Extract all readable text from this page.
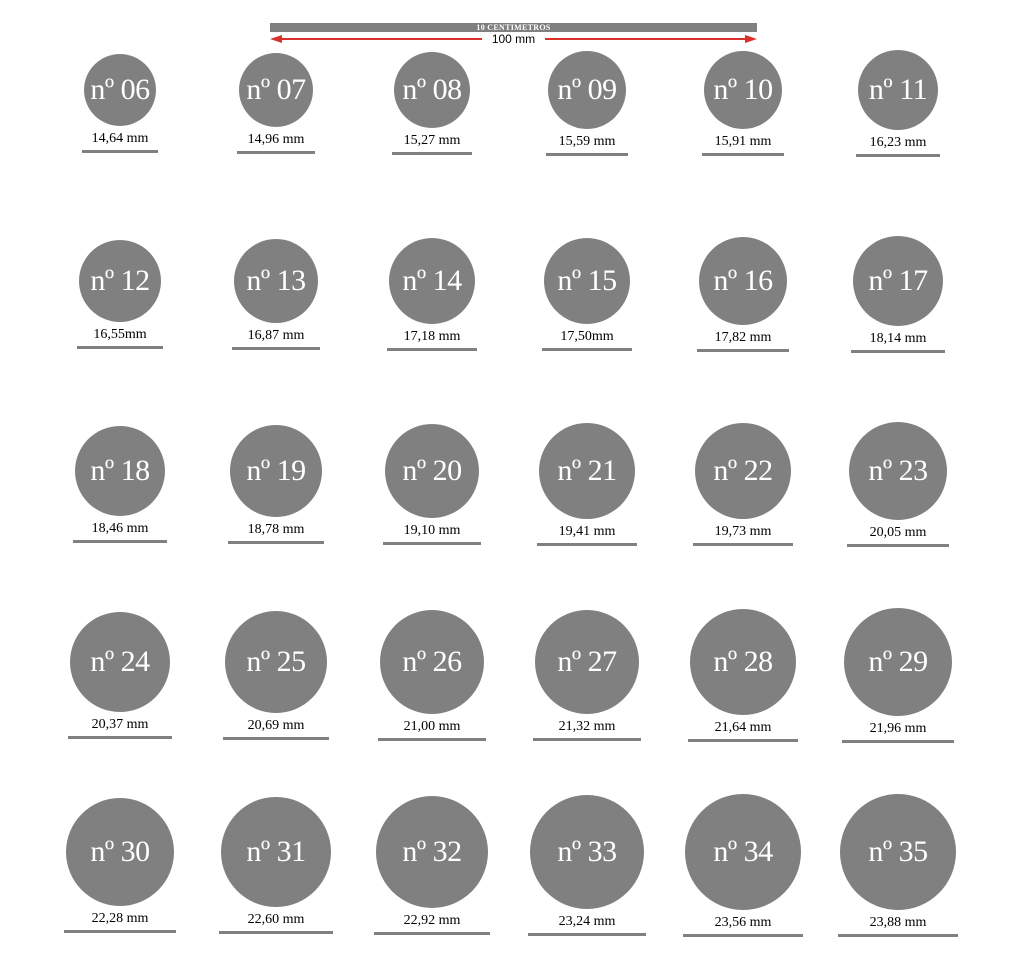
10 CENTIMETROS
100 mm
nº 06
14,64 mm
nº 07
14,96 mm
nº 08
15,27 mm
nº 09
15,59 mm
nº 10
15,91 mm
nº 11
16,23 mm
nº 12
16,55mm
nº 13
16,87 mm
nº 14
17,18 mm
nº 15
17,50mm
nº 16
17,82 mm
nº 17
18,14 mm
nº 18
18,46 mm
nº 19
18,78 mm
nº 20
19,10 mm
nº 21
19,41 mm
nº 22
19,73 mm
nº 23
20,05 mm
nº 24
20,37 mm
nº 25
20,69 mm
nº 26
21,00 mm
nº 27
21,32 mm
nº 28
21,64 mm
nº 29
21,96 mm
nº 30
22,28 mm
nº 31
22,60 mm
nº 32
22,92 mm
nº 33
23,24 mm
nº 34
23,56 mm
nº 35
23,88 mm
